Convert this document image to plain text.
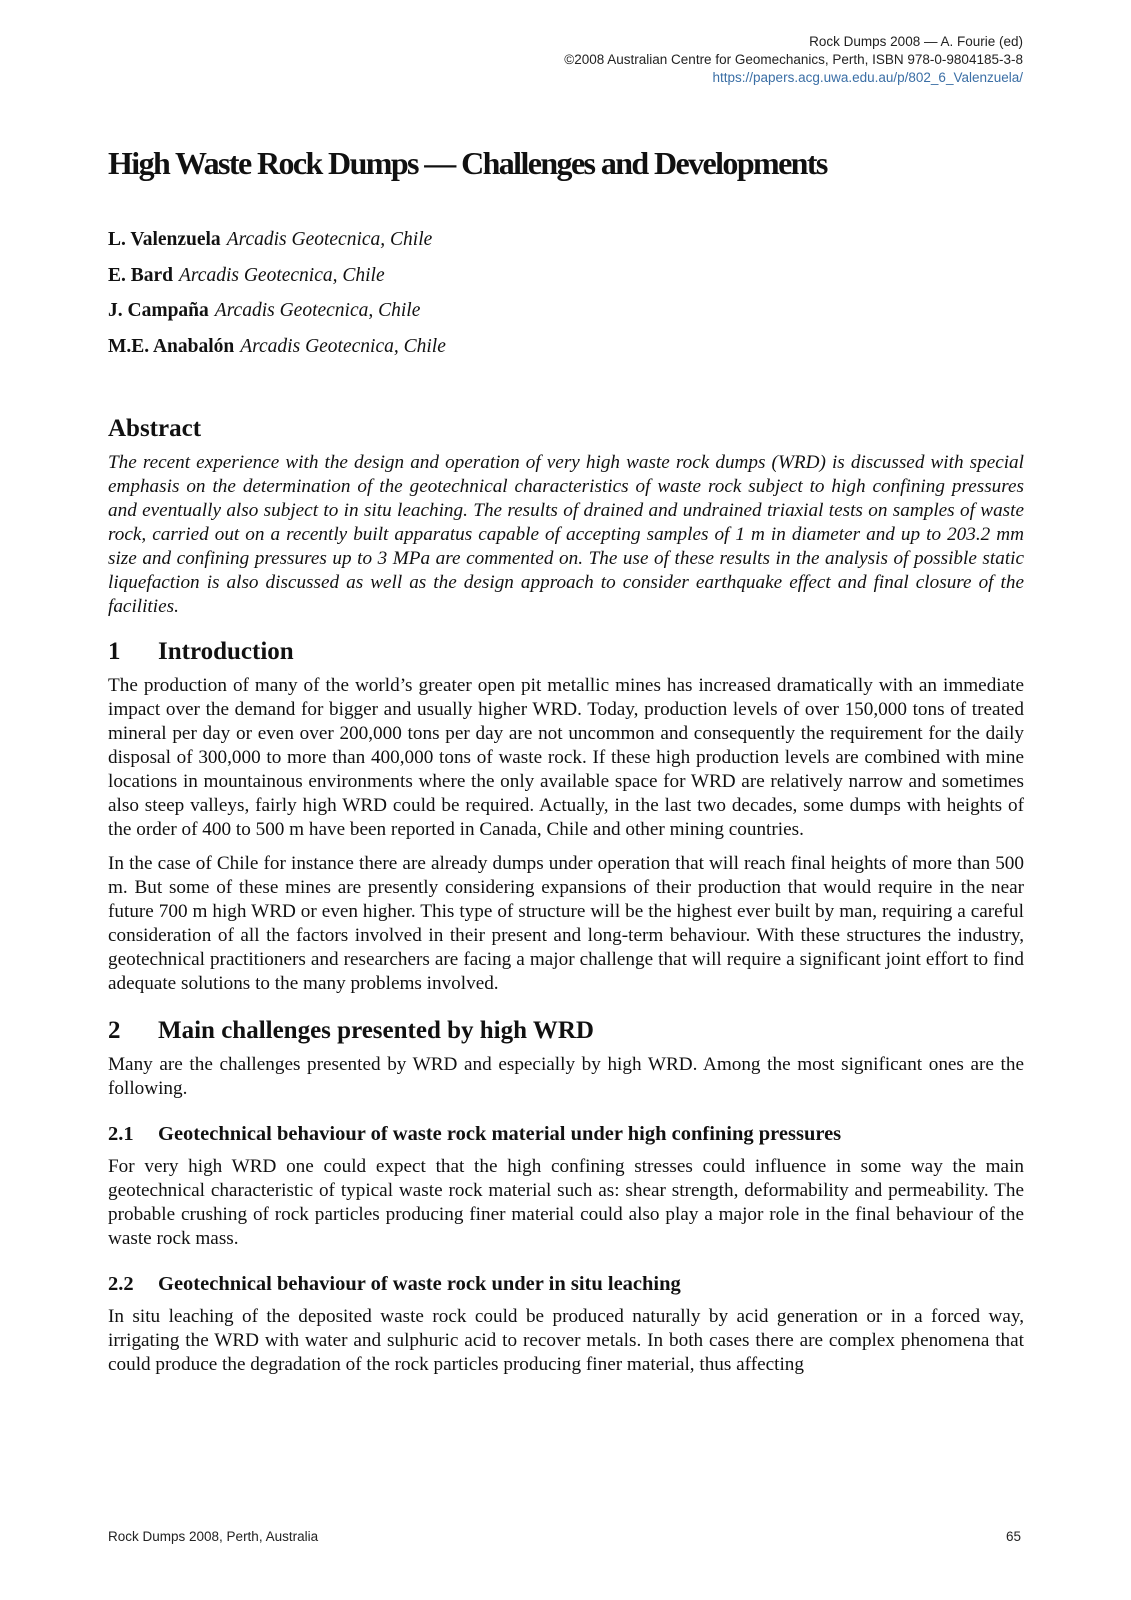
Rock Dumps 2008 — A. Fourie (ed)
©2008 Australian Centre for Geomechanics, Perth, ISBN 978-0-9804185-3-8
https://papers.acg.uwa.edu.au/p/802_6_Valenzuela/
High Waste Rock Dumps — Challenges and Developments
L. Valenzuela Arcadis Geotecnica, Chile
E. Bard Arcadis Geotecnica, Chile
J. Campaña Arcadis Geotecnica, Chile
M.E. Anabalón Arcadis Geotecnica, Chile
Abstract

The recent experience with the design and operation of very high waste rock dumps (WRD) is discussed with special emphasis on the determination of the geotechnical characteristics of waste rock subject to high confining pressures and eventually also subject to in situ leaching. The results of drained and undrained triaxial tests on samples of waste rock, carried out on a recently built apparatus capable of accepting samples of 1 m in diameter and up to 203.2 mm size and confining pressures up to 3 MPa are commented on. The use of these results in the analysis of possible static liquefaction is also discussed as well as the design approach to consider earthquake effect and final closure of the facilities.

1 Introduction

The production of many of the world’s greater open pit metallic mines has increased dramatically with an immediate impact over the demand for bigger and usually higher WRD. Today, production levels of over 150,000 tons of treated mineral per day or even over 200,000 tons per day are not uncommon and consequently the requirement for the daily disposal of 300,000 to more than 400,000 tons of waste rock. If these high production levels are combined with mine locations in mountainous environments where the only available space for WRD are relatively narrow and sometimes also steep valleys, fairly high WRD could be required. Actually, in the last two decades, some dumps with heights of the order of 400 to 500 m have been reported in Canada, Chile and other mining countries.

In the case of Chile for instance there are already dumps under operation that will reach final heights of more than 500 m. But some of these mines are presently considering expansions of their production that would require in the near future 700 m high WRD or even higher. This type of structure will be the highest ever built by man, requiring a careful consideration of all the factors involved in their present and long-term behaviour. With these structures the industry, geotechnical practitioners and researchers are facing a major challenge that will require a significant joint effort to find adequate solutions to the many problems involved.

2 Main challenges presented by high WRD

Many are the challenges presented by WRD and especially by high WRD. Among the most significant ones are the following.

2.1 Geotechnical behaviour of waste rock material under high confining pressures

For very high WRD one could expect that the high confining stresses could influence in some way the main geotechnical characteristic of typical waste rock material such as: shear strength, deformability and permeability. The probable crushing of rock particles producing finer material could also play a major role in the final behaviour of the waste rock mass.

2.2 Geotechnical behaviour of waste rock under in situ leaching

In situ leaching of the deposited waste rock could be produced naturally by acid generation or in a forced way, irrigating the WRD with water and sulphuric acid to recover metals. In both cases there are complex phenomena that could produce the degradation of the rock particles producing finer material, thus affecting

Rock Dumps 2008, Perth, Australia	65
